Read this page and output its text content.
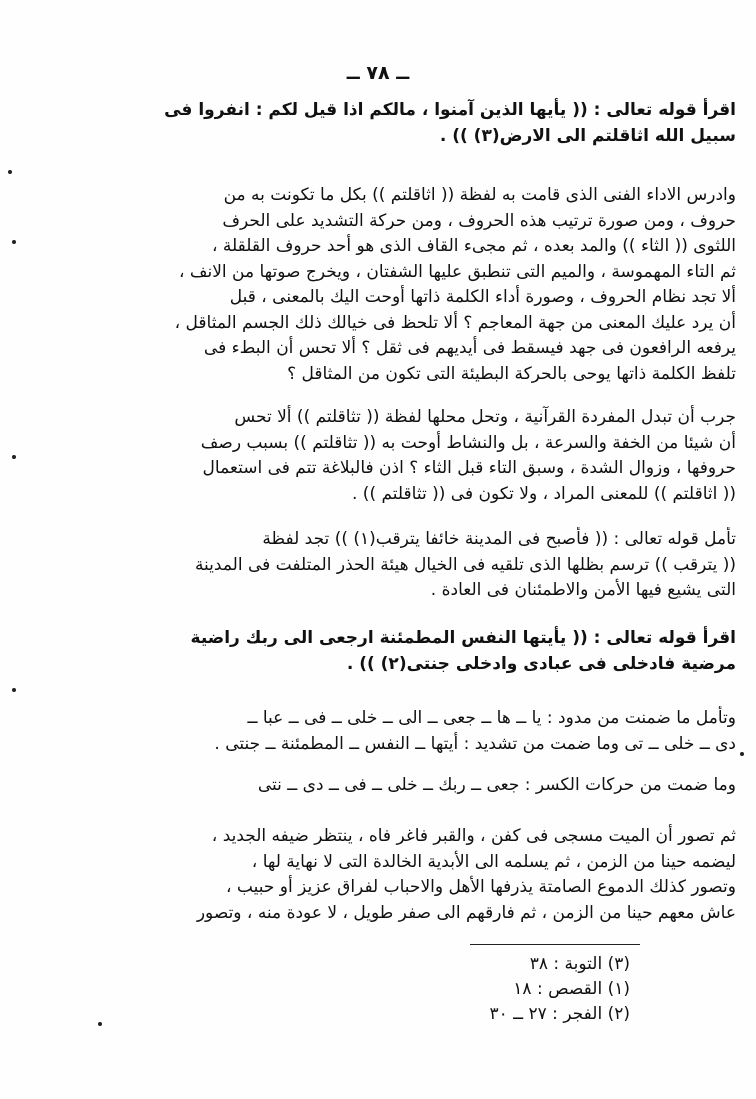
ــ ٧٨ ــ

اقرأ قوله تعالى : (( يأيها الذين آمنوا ، مالكم اذا قيل لكم : انفروا فى
سبيل الله اثاقلتم الى الارض(٣) )) .

وادرس الاداء الفنى الذى قامت به لفظة (( اثاقلتم )) بكل ما تكونت به من
حروف ، ومن صورة ترتيب هذه الحروف ، ومن حركة التشديد على الحرف
اللثوى (( الثاء )) والمد بعده ، ثم مجىء القاف الذى هو أحد حروف القلقلة ،
ثم التاء المهموسة ، والميم التى تنطبق عليها الشفتان ، ويخرج صوتها من الانف ،
ألا تجد نظام الحروف ، وصورة أداء الكلمة ذاتها أوحت اليك بالمعنى ، قبل
أن يرد عليك المعنى من جهة المعاجم ؟ ألا تلحظ فى خيالك ذلك الجسم المثاقل ،
يرفعه الرافعون فى جهد فيسقط فى أيديهم فى ثقل ؟ ألا تحس أن البطء فى
تلفظ الكلمة ذاتها يوحى بالحركة البطيئة التى تكون من المثاقل ؟

جرب أن تبدل المفردة القرآنية ، وتحل محلها لفظة (( تثاقلتم )) ألا تحس
أن شيئا من الخفة والسرعة ، بل والنشاط أوحت به (( تثاقلتم )) بسبب رصف
حروفها ، وزوال الشدة ، وسبق التاء قبل الثاء ؟ اذن فالبلاغة تتم فى استعمال
(( اثاقلتم )) للمعنى المراد ، ولا تكون فى (( تثاقلتم )) .

تأمل قوله تعالى : (( فأصبح فى المدينة خائفا يترقب(١) )) تجد لفظة
(( يترقب )) ترسم بظلها الذى تلقيه فى الخيال هيئة الحذر المتلفت فى المدينة
التى يشيع فيها الأمن والاطمئنان فى العادة .

اقرأ قوله تعالى : (( يأيتها النفس المطمئنة ارجعى الى ربك راضية
مرضية فادخلى فى عبادى وادخلى جنتى(٢) )) .

وتأمل ما ضمنت من مدود : يا ــ ها ــ جعى ــ الى ــ خلى ــ فى ــ عبا ــ
دى ــ خلى ــ تى وما ضمت من تشديد : أيتها ــ النفس ــ المطمئنة ــ جنتى .

وما ضمت من حركات الكسر : جعى ــ ربك ــ خلى ــ فى ــ دى ــ نتى

ثم تصور أن الميت مسجى فى كفن ، والقبر فاغر فاه ، ينتظر ضيفه الجديد ،
ليضمه حينا من الزمن ، ثم يسلمه الى الأبدية الخالدة التى لا نهاية لها ،
وتصور كذلك الدموع الصامتة يذرفها الأهل والاحباب لفراق عزيز أو حبيب ،
عاش معهم حينا من الزمن ، ثم فارقهم الى صفر طويل ، لا عودة منه ، وتصور

(٣) التوبة : ٣٨
(١) القصص : ١٨
(٢) الفجر : ٢٧ ــ ٣٠
